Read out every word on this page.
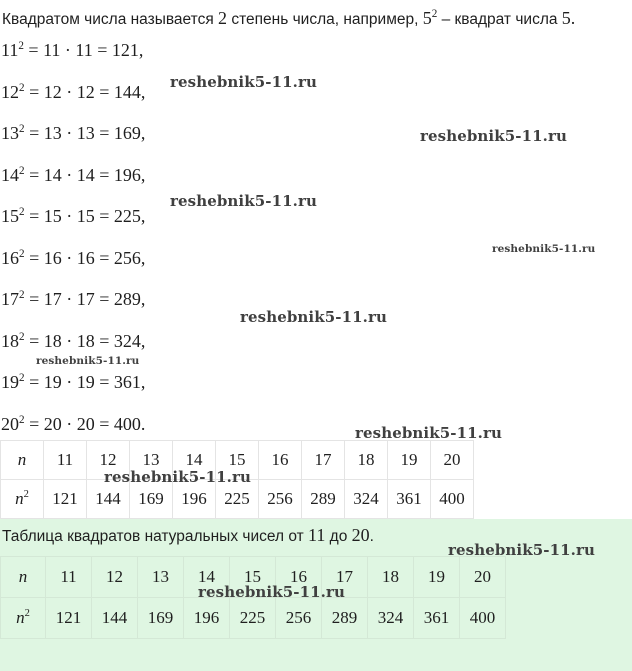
Квадратом числа называется 2 степень числа, например, $5^2$ – квадрат числа 5.
$11^2 = 11 \cdot 11 = 121$,
$12^2 = 12 \cdot 12 = 144$,
$13^2 = 13 \cdot 13 = 169$,
$14^2 = 14 \cdot 14 = 196$,
$15^2 = 15 \cdot 15 = 225$,
$16^2 = 16 \cdot 16 = 256$,
$17^2 = 17 \cdot 17 = 289$,
$18^2 = 18 \cdot 18 = 324$,
$19^2 = 19 \cdot 19 = 361$,
$20^2 = 20 \cdot 20 = 400$.
n	11	12	13	14	15	16	17	18	19	20
$n^2$	121	144	169	196	225	256	289	324	361	400
Таблица квадратов натуральных чисел от 11 до 20.
n	11	12	13	14	15	16	17	18	19	20
$n^2$	121	144	169	196	225	256	289	324	361	400
reshebnik5-11.ru
reshebnik5-11.ru
reshebnik5-11.ru
reshebnik5-11.ru
reshebnik5-11.ru
reshebnik5-11.ru
reshebnik5-11.ru
reshebnik5-11.ru
reshebnik5-11.ru
reshebnik5-11.ru
